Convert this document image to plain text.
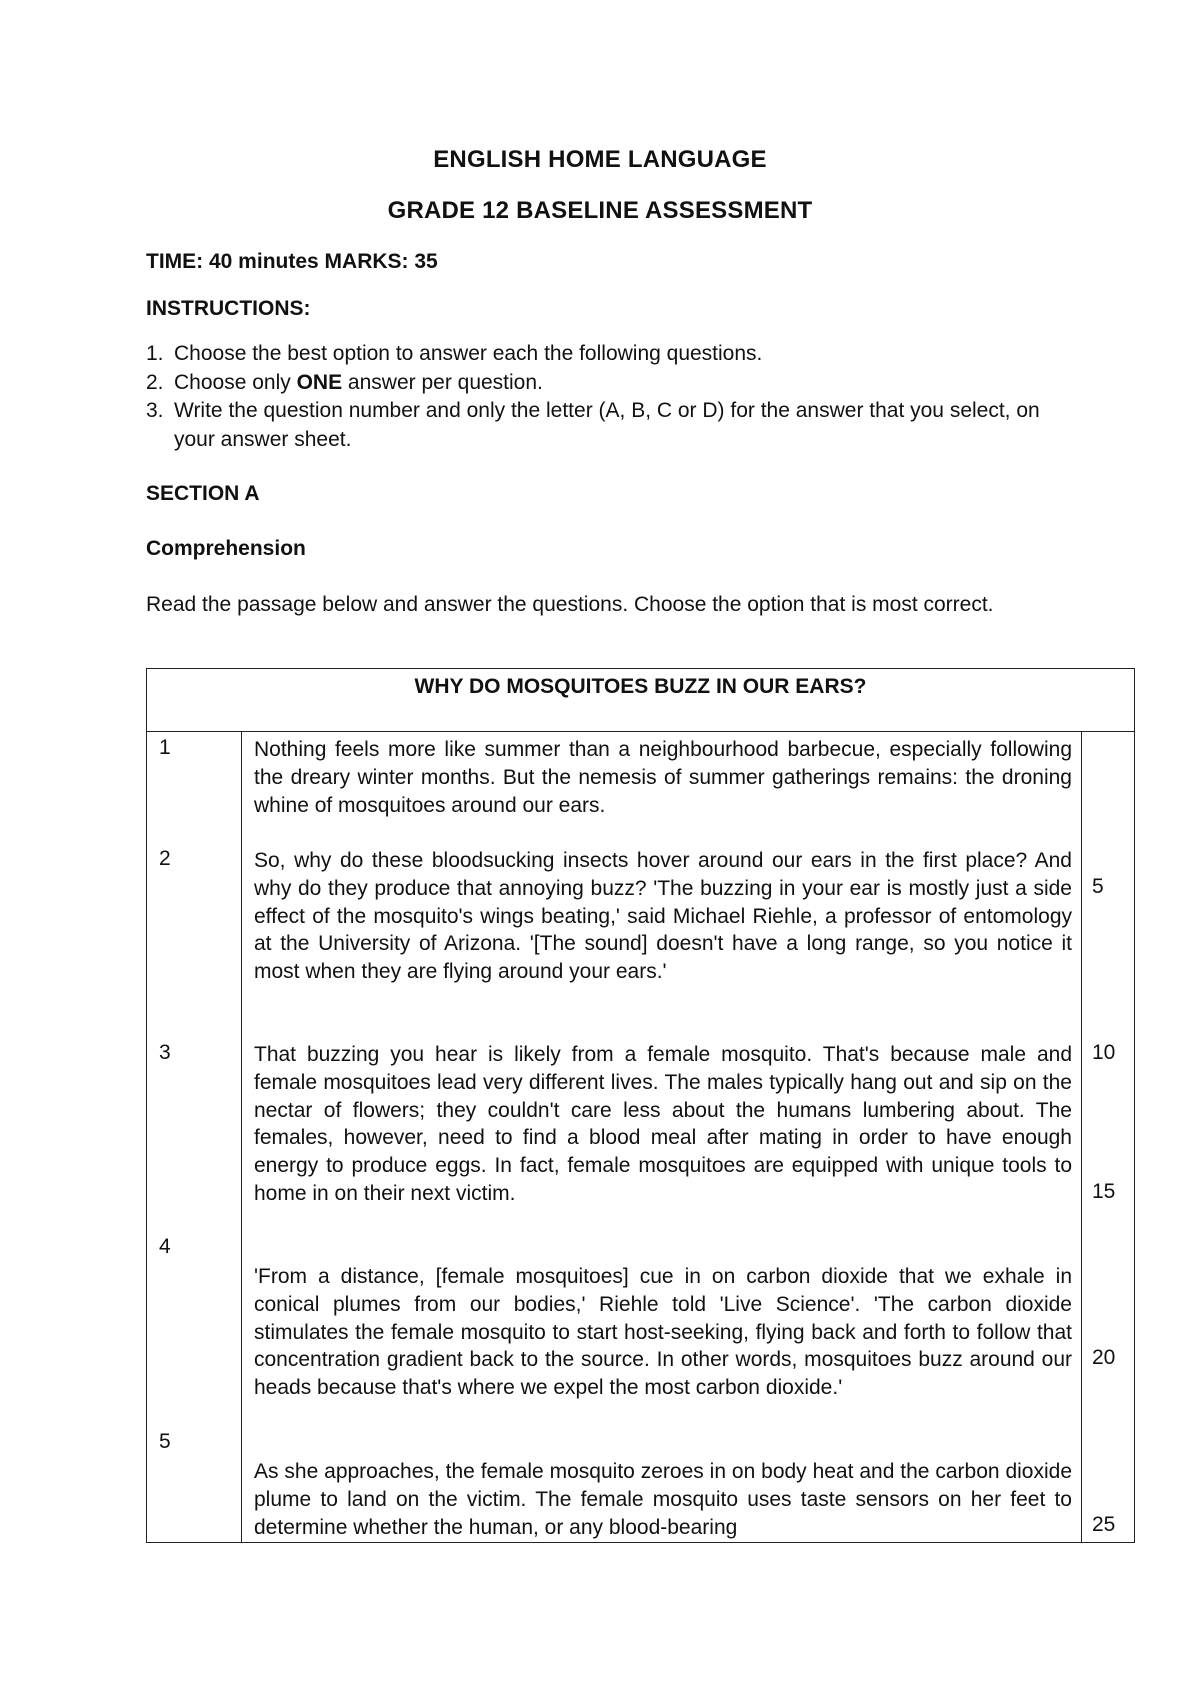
ENGLISH HOME LANGUAGE
GRADE 12 BASELINE ASSESSMENT
TIME: 40 minutes MARKS: 35
INSTRUCTIONS:
1. Choose the best option to answer each the following questions.
2. Choose only ONE answer per question.
3. Write the question number and only the letter (A, B, C or D) for the answer that you select, on your answer sheet.
SECTION A
Comprehension
Read the passage below and answer the questions. Choose the option that is most correct.
WHY DO MOSQUITOES BUZZ IN OUR EARS?

1
2
3
4
5

Nothing feels more like summer than a neighbourhood barbecue, especially following the dreary winter months. But the nemesis of summer gatherings remains: the droning whine of mosquitoes around our ears.

So, why do these bloodsucking insects hover around our ears in the first place? And why do they produce that annoying buzz? 'The buzzing in your ear is mostly just a side effect of the mosquito's wings beating,' said Michael Riehle, a professor of entomology at the University of Arizona. '[The sound] doesn't have a long range, so you notice it most when they are flying around your ears.'

That buzzing you hear is likely from a female mosquito. That's because male and female mosquitoes lead very different lives. The males typically hang out and sip on the nectar of flowers; they couldn't care less about the humans lumbering about. The females, however, need to find a blood meal after mating in order to have enough energy to produce eggs. In fact, female mosquitoes are equipped with unique tools to home in on their next victim.

'From a distance, [female mosquitoes] cue in on carbon dioxide that we exhale in conical plumes from our bodies,' Riehle told 'Live Science'. 'The carbon dioxide stimulates the female mosquito to start host-seeking, flying back and forth to follow that concentration gradient back to the source. In other words, mosquitoes buzz around our heads because that's where we expel the most carbon dioxide.'

As she approaches, the female mosquito zeroes in on body heat and the carbon dioxide plume to land on the victim. The female mosquito uses taste sensors on her feet to determine whether the human, or any blood-bearing

5
10
15
20
25
